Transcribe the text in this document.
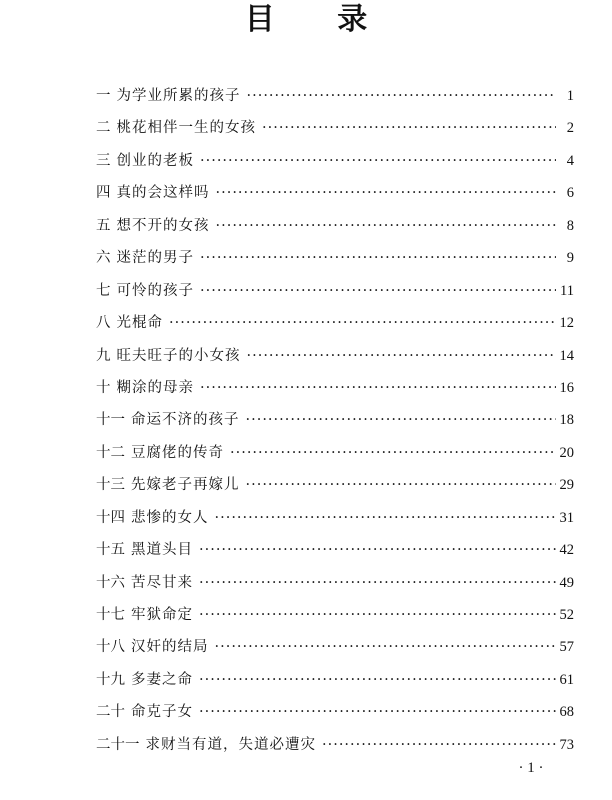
目 录
一 为学业所累的孩子 ·····	1
二 桃花相伴一生的女孩 ·····	2
三 创业的老板 ·····	4
四 真的会这样吗 ·····	6
五 想不开的女孩 ·····	8
六 迷茫的男子 ·····	9
七 可怜的孩子 ·····	11
八 光棍命 ·····	12
九 旺夫旺子的小女孩 ·····	14
十 糊涂的母亲 ·····	16
十一 命运不济的孩子 ·····	18
十二 豆腐佬的传奇 ·····	20
十三 先嫁老子再嫁儿 ·····	29
十四 悲惨的女人 ·····	31
十五 黑道头目 ·····	42
十六 苦尽甘来 ·····	49
十七 牢狱命定 ·····	52
十八 汉奸的结局 ·····	57
十九 多妻之命 ·····	61
二十 命克子女 ·····	68
二十一 求财当有道，失道必遭灾 ·····	73
· 1 ·
